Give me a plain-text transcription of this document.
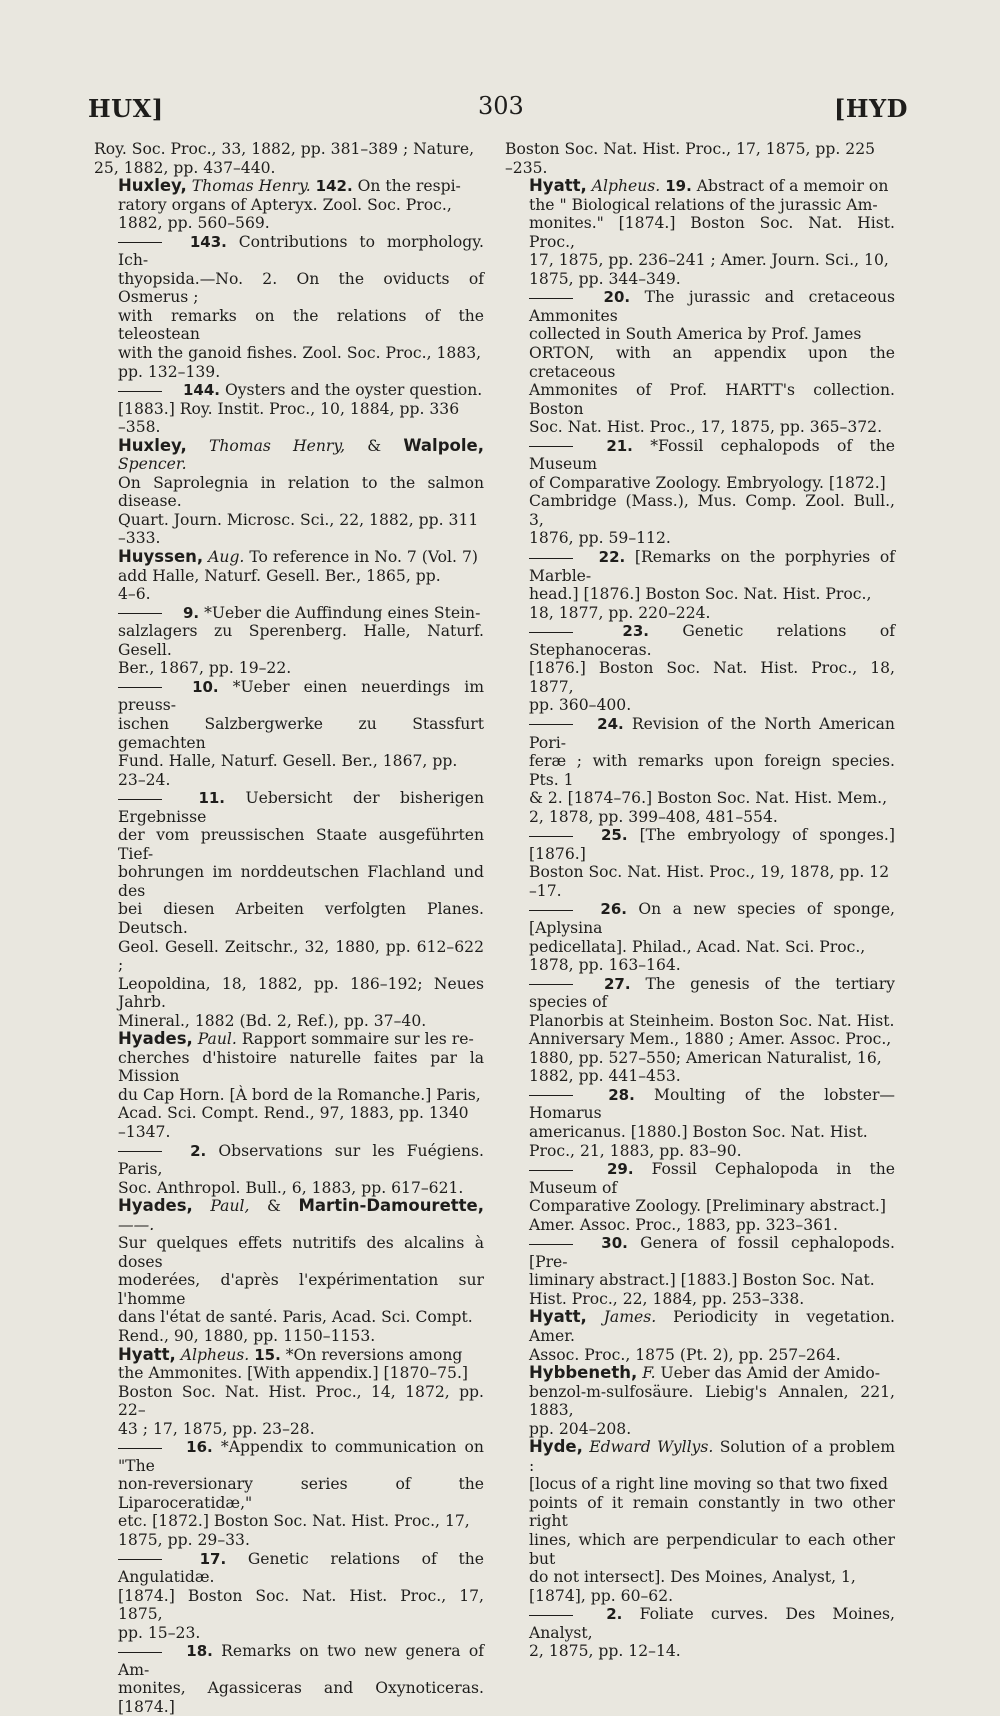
HUX]	303	[HYD
Roy. Soc. Proc., 33, 1882, pp. 381–389 ; Nature,
25, 1882, pp. 437–440.
Huxley, Thomas Henry. 142. On the respi-
ratory organs of Apteryx. Zool. Soc. Proc.,
1882, pp. 560–569.
143. Contributions to morphology. Ich-
thyopsida.—No. 2. On the oviducts of Osmerus ;
with remarks on the relations of the teleostean
with the ganoid fishes. Zool. Soc. Proc., 1883,
pp. 132–139.
144. Oysters and the oyster question.
[1883.] Roy. Instit. Proc., 10, 1884, pp. 336
–358.
Huxley, Thomas Henry, & Walpole, Spencer.
On Saprolegnia in relation to the salmon disease.
Quart. Journ. Microsc. Sci., 22, 1882, pp. 311
–333.
Huyssen, Aug. To reference in No. 7 (Vol. 7)
add Halle, Naturf. Gesell. Ber., 1865, pp.
4–6.
9. *Ueber die Auffindung eines Stein-
salzlagers zu Sperenberg. Halle, Naturf. Gesell.
Ber., 1867, pp. 19–22.
10. *Ueber einen neuerdings im preuss-
ischen Salzbergwerke zu Stassfurt gemachten
Fund. Halle, Naturf. Gesell. Ber., 1867, pp.
23–24.
11. Uebersicht der bisherigen Ergebnisse
der vom preussischen Staate ausgeführten Tief-
bohrungen im norddeutschen Flachland und des
bei diesen Arbeiten verfolgten Planes. Deutsch.
Geol. Gesell. Zeitschr., 32, 1880, pp. 612–622 ;
Leopoldina, 18, 1882, pp. 186–192; Neues Jahrb.
Mineral., 1882 (Bd. 2, Ref.), pp. 37–40.
Hyades, Paul. Rapport sommaire sur les re-
cherches d'histoire naturelle faites par la Mission
du Cap Horn. [À bord de la Romanche.] Paris,
Acad. Sci. Compt. Rend., 97, 1883, pp. 1340
–1347.
2. Observations sur les Fuégiens. Paris,
Soc. Anthropol. Bull., 6, 1883, pp. 617–621.
Hyades, Paul, & Martin-Damourette, ——.
Sur quelques effets nutritifs des alcalins à doses
moderées, d'après l'expérimentation sur l'homme
dans l'état de santé. Paris, Acad. Sci. Compt.
Rend., 90, 1880, pp. 1150–1153.
Hyatt, Alpheus. 15. *On reversions among
the Ammonites. [With appendix.] [1870–75.]
Boston Soc. Nat. Hist. Proc., 14, 1872, pp. 22–
43 ; 17, 1875, pp. 23–28.
16. *Appendix to communication on "The
non-reversionary series of the Liparoceratidæ,"
etc. [1872.] Boston Soc. Nat. Hist. Proc., 17,
1875, pp. 29–33.
17. Genetic relations of the Angulatidæ.
[1874.] Boston Soc. Nat. Hist. Proc., 17, 1875,
pp. 15–23.
18. Remarks on two new genera of Am-
monites, Agassiceras and Oxynoticeras. [1874.]
Boston Soc. Nat. Hist. Proc., 17, 1875, pp. 225
–235.
Hyatt, Alpheus. 19. Abstract of a memoir on
the " Biological relations of the jurassic Am-
monites." [1874.] Boston Soc. Nat. Hist. Proc.,
17, 1875, pp. 236–241 ; Amer. Journ. Sci., 10,
1875, pp. 344–349.
20. The jurassic and cretaceous Ammonites
collected in South America by Prof. James
ORTON, with an appendix upon the cretaceous
Ammonites of Prof. HARTT's collection. Boston
Soc. Nat. Hist. Proc., 17, 1875, pp. 365–372.
21. *Fossil cephalopods of the Museum
of Comparative Zoology. Embryology. [1872.]
Cambridge (Mass.), Mus. Comp. Zool. Bull., 3,
1876, pp. 59–112.
22. [Remarks on the porphyries of Marble-
head.] [1876.] Boston Soc. Nat. Hist. Proc.,
18, 1877, pp. 220–224.
23. Genetic relations of Stephanoceras.
[1876.] Boston Soc. Nat. Hist. Proc., 18, 1877,
pp. 360–400.
24. Revision of the North American Pori-
feræ ; with remarks upon foreign species. Pts. 1
& 2. [1874–76.] Boston Soc. Nat. Hist. Mem.,
2, 1878, pp. 399–408, 481–554.
25. [The embryology of sponges.] [1876.]
Boston Soc. Nat. Hist. Proc., 19, 1878, pp. 12
–17.
26. On a new species of sponge, [Aplysina
pedicellata]. Philad., Acad. Nat. Sci. Proc.,
1878, pp. 163–164.
27. The genesis of the tertiary species of
Planorbis at Steinheim. Boston Soc. Nat. Hist.
Anniversary Mem., 1880 ; Amer. Assoc. Proc.,
1880, pp. 527–550; American Naturalist, 16,
1882, pp. 441–453.
28. Moulting of the lobster—Homarus
americanus. [1880.] Boston Soc. Nat. Hist.
Proc., 21, 1883, pp. 83–90.
29. Fossil Cephalopoda in the Museum of
Comparative Zoology. [Preliminary abstract.]
Amer. Assoc. Proc., 1883, pp. 323–361.
30. Genera of fossil cephalopods. [Pre-
liminary abstract.] [1883.] Boston Soc. Nat.
Hist. Proc., 22, 1884, pp. 253–338.
Hyatt, James. Periodicity in vegetation. Amer.
Assoc. Proc., 1875 (Pt. 2), pp. 257–264.
Hybbeneth, F. Ueber das Amid der Amido-
benzol-m-sulfosäure. Liebig's Annalen, 221, 1883,
pp. 204–208.
Hyde, Edward Wyllys. Solution of a problem :
[locus of a right line moving so that two fixed
points of it remain constantly in two other right
lines, which are perpendicular to each other but
do not intersect]. Des Moines, Analyst, 1,
[1874], pp. 60–62.
2. Foliate curves. Des Moines, Analyst,
2, 1875, pp. 12–14.
